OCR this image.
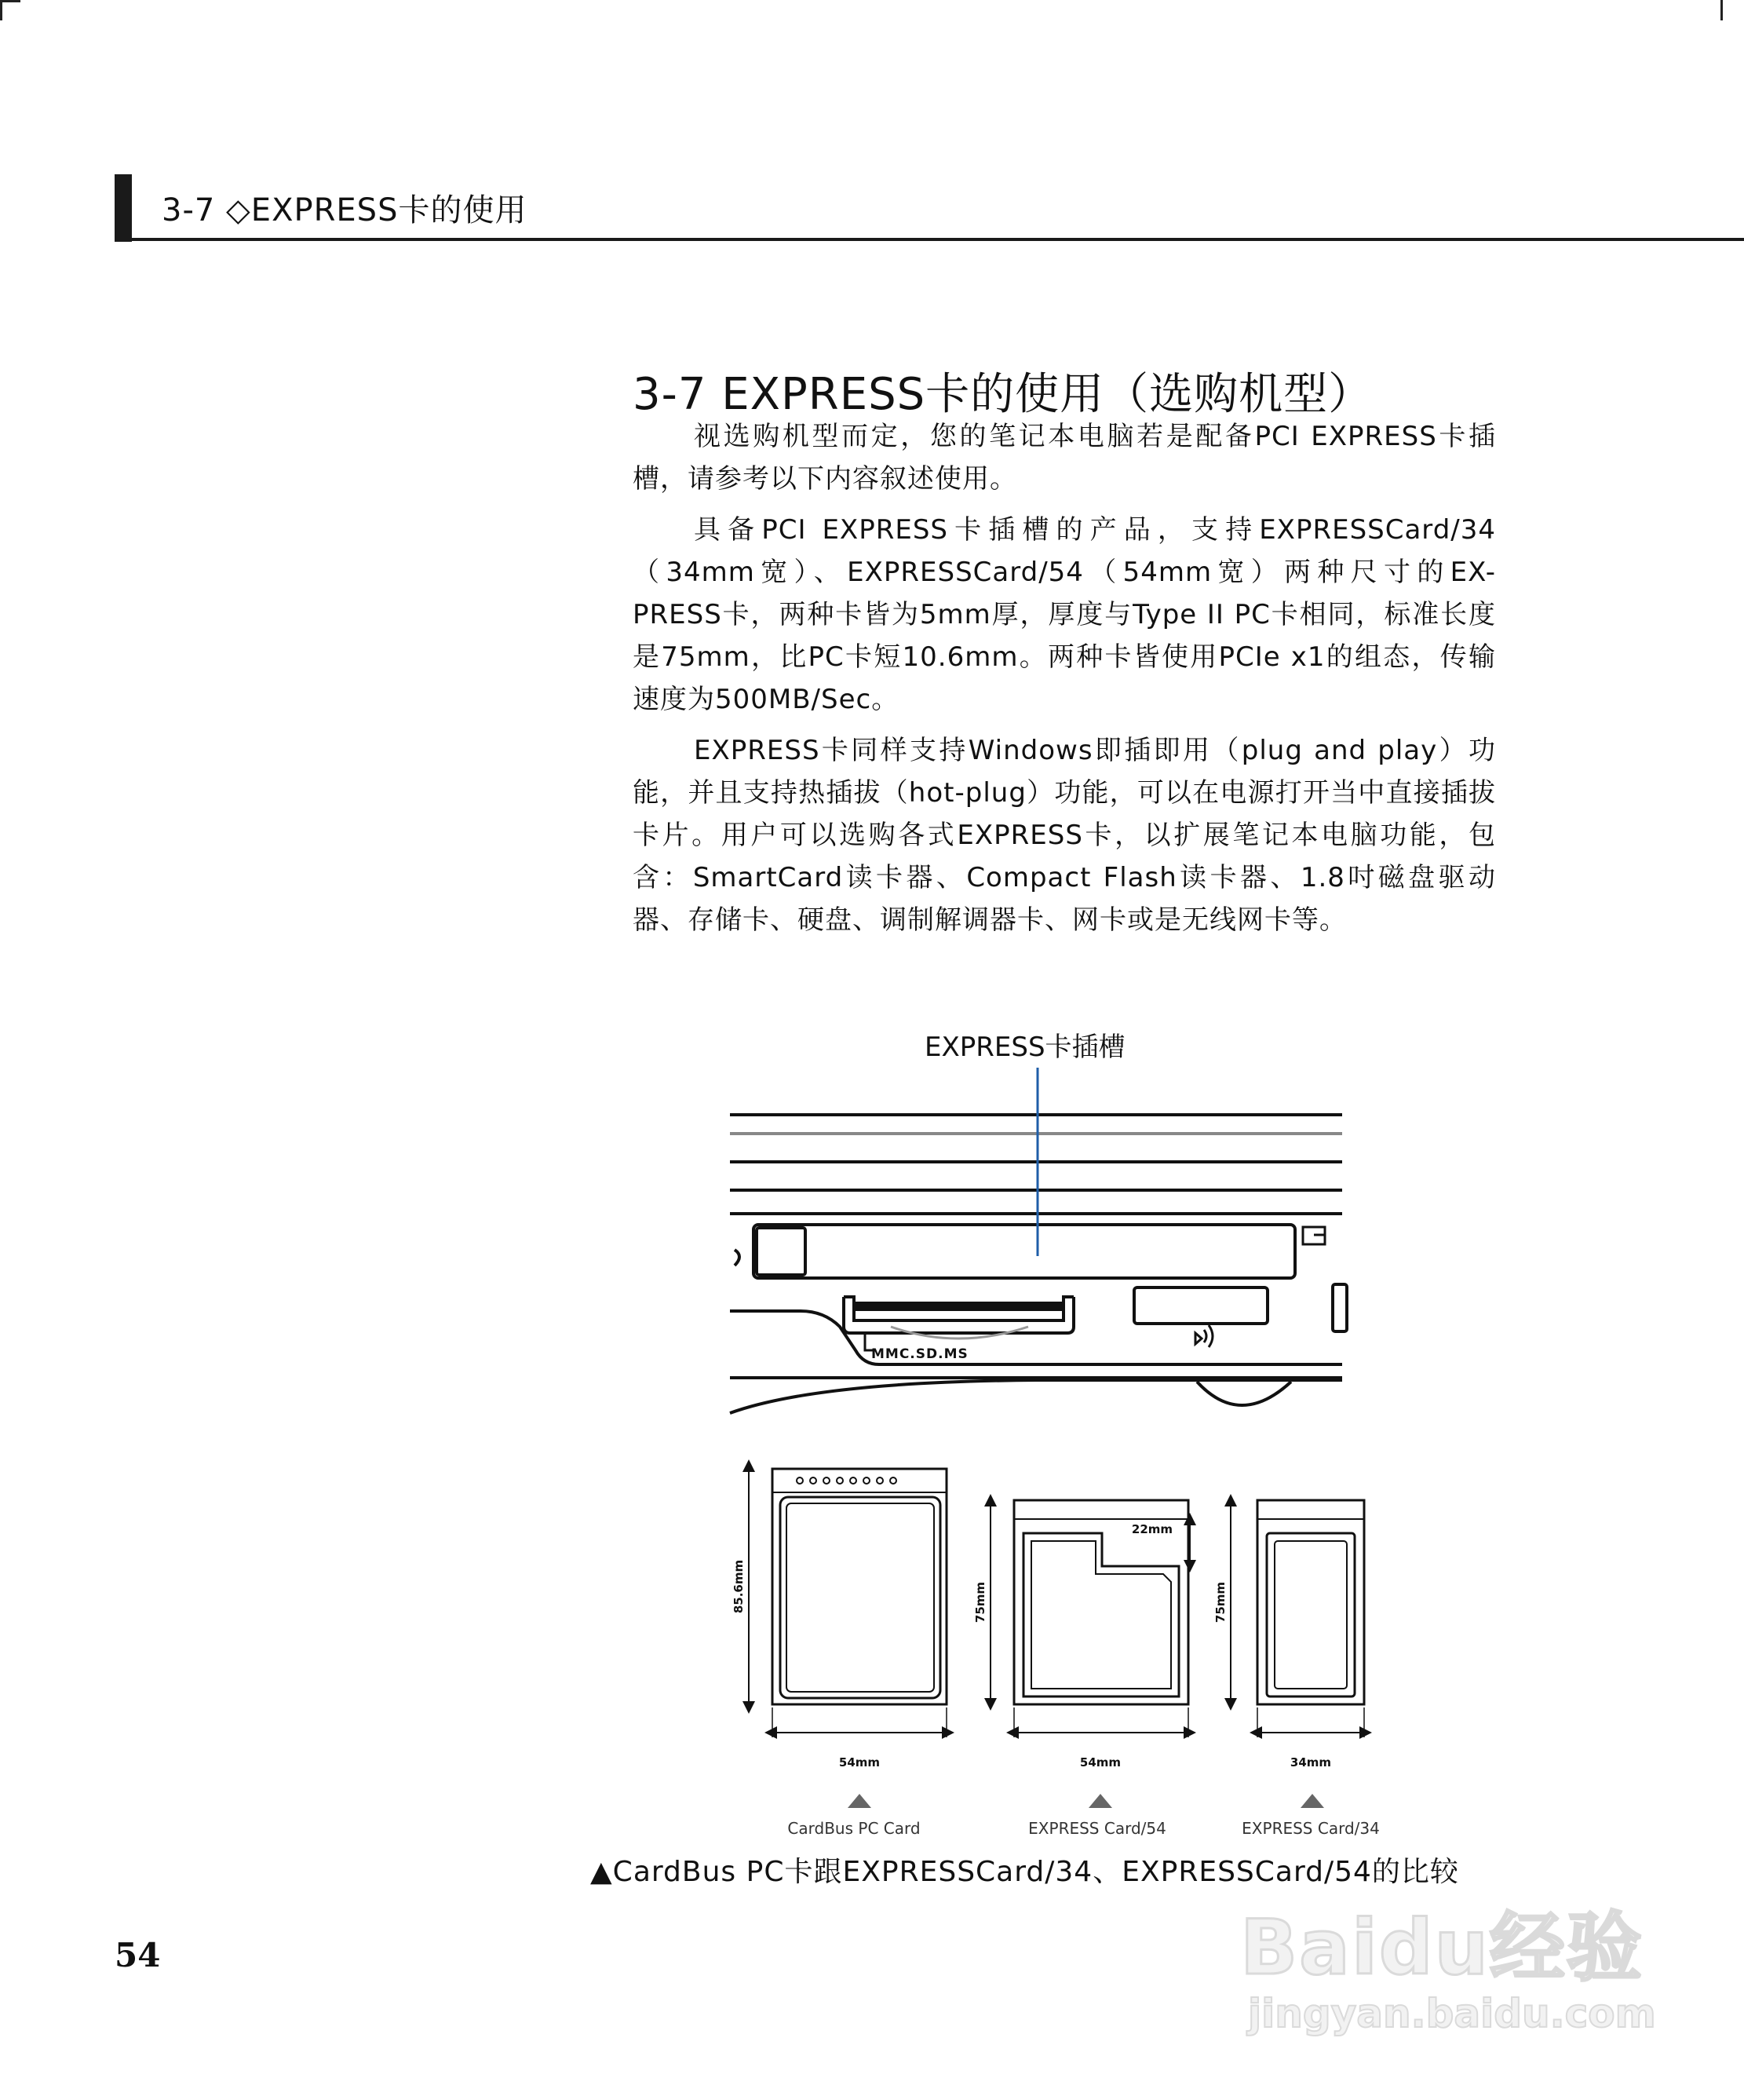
3-7 ◇EXPRESS卡的使用
3-7 EXPRESS卡的使用（选购机型）

视选购机型而定，您的笔记本电脑若是配备PCI EXPRESS卡插槽，请参考以下内容叙述使用。

具备PCI EXPRESS卡插槽的产品，支持EXPRESSCard/34（34mm宽）、EXPRESSCard/54（54mm宽）两种尺寸的EX-PRESS卡，两种卡皆为5mm厚，厚度与Type II PC卡相同，标准长度是75mm，比PC卡短10.6mm。两种卡皆使用PCIe x1的组态，传输速度为500MB/Sec。

EXPRESS卡同样支持Windows即插即用（plug and play）功能，并且支持热插拔（hot-plug）功能，可以在电源打开当中直接插拔卡片。用户可以选购各式EXPRESS卡，以扩展笔记本电脑功能，包含：SmartCard读卡器、Compact Flash读卡器、1.8吋磁盘驱动器、存储卡、硬盘、调制解调器卡、网卡或是无线网卡等。

EXPRESS卡插槽
MMC.SD.MS
85.6mm
54mm
CardBus PC Card
75mm
22mm
54mm
EXPRESS Card/54
75mm
34mm
EXPRESS Card/34
▲CardBus PC卡跟EXPRESSCard/34、EXPRESSCard/54的比较
54	Baidu经验
jingyan.baidu.com
